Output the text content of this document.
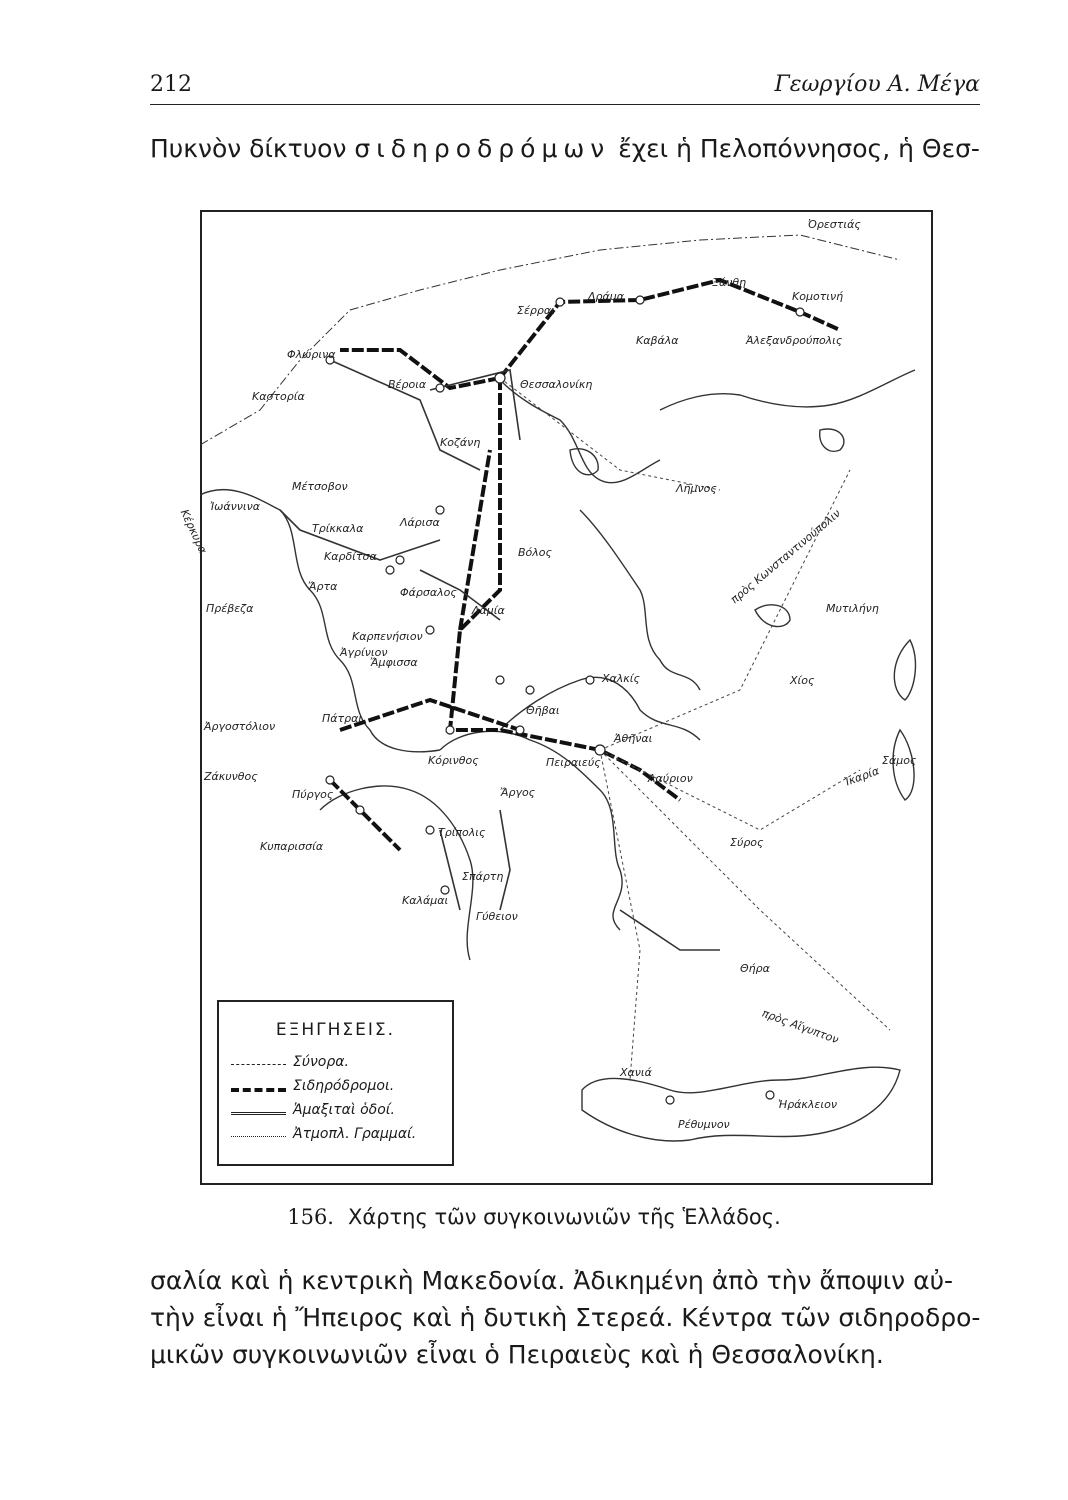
212	Γεωργίου Α. Μέγα
Πυκνὸν δίκτυον σιδηροδρόμων ἔχει ἡ Πελοπόννησος, ἡ Θεσ-
Ὀρεστιάς
Ξάνθη
Δράμα
Σέρραι
Κομοτινή
Καβάλα	Ἀλεξανδρούπολις
Φλώρινα
Βέροια
Καστορία
Θεσσαλονίκη
Κοζάνη
Μέτσοβον
Ἰωάννινα
Κέρκυρα	Τρίκκαλα	Λάρισα
Λῆμνος
Καρδίτσα	Βόλος
Ἄρτα	Φάρσαλος
Πρέβεζα	Λαμία
Καρπενήσιον
Μυτιλήνη
Ἀγρίνιον
Ἄμφισσα
πρὸς Κωνσταντινούπολιν
Χίος
Χαλκίς
Θῆβαι
Ἀργοστόλιον
Πάτραι
Ἀθῆναι
Ζάκυνθος
Κόρινθος	Πειραιεύς	Σάμος
Ἰκαρία
Πύργος	Ἄργος
Λαύριον
Τρίπολις
Σύρος
Κυπαρισσία
Σπάρτη
Καλάμαι
Γύθειον
Θήρα
πρὸς Αἴγυπτον
Χανιά
Ἡράκλειον
Ρέθυμνον
ΕΞΗΓΗΣΕΙΣ.
Σύνορα.
Σιδηρόδρομοι.
Ἁμαξιταὶ ὁδοί.
Ἀτμοπλ. Γραμμαί.
156. Χάρτης τῶν συγκοινωνιῶν τῆς Ἑλλάδος.
σαλία καὶ ἡ κεντρικὴ Μακεδονία. Ἀδικημένη ἀπὸ τὴν ἄποψιν αὐ-
τὴν εἶναι ἡ Ἤπειρος καὶ ἡ δυτικὴ Στερεά. Κέντρα τῶν σιδηροδρο-
μικῶν συγκοινωνιῶν εἶναι ὁ Πειραιεὺς καὶ ἡ Θεσσαλονίκη.
